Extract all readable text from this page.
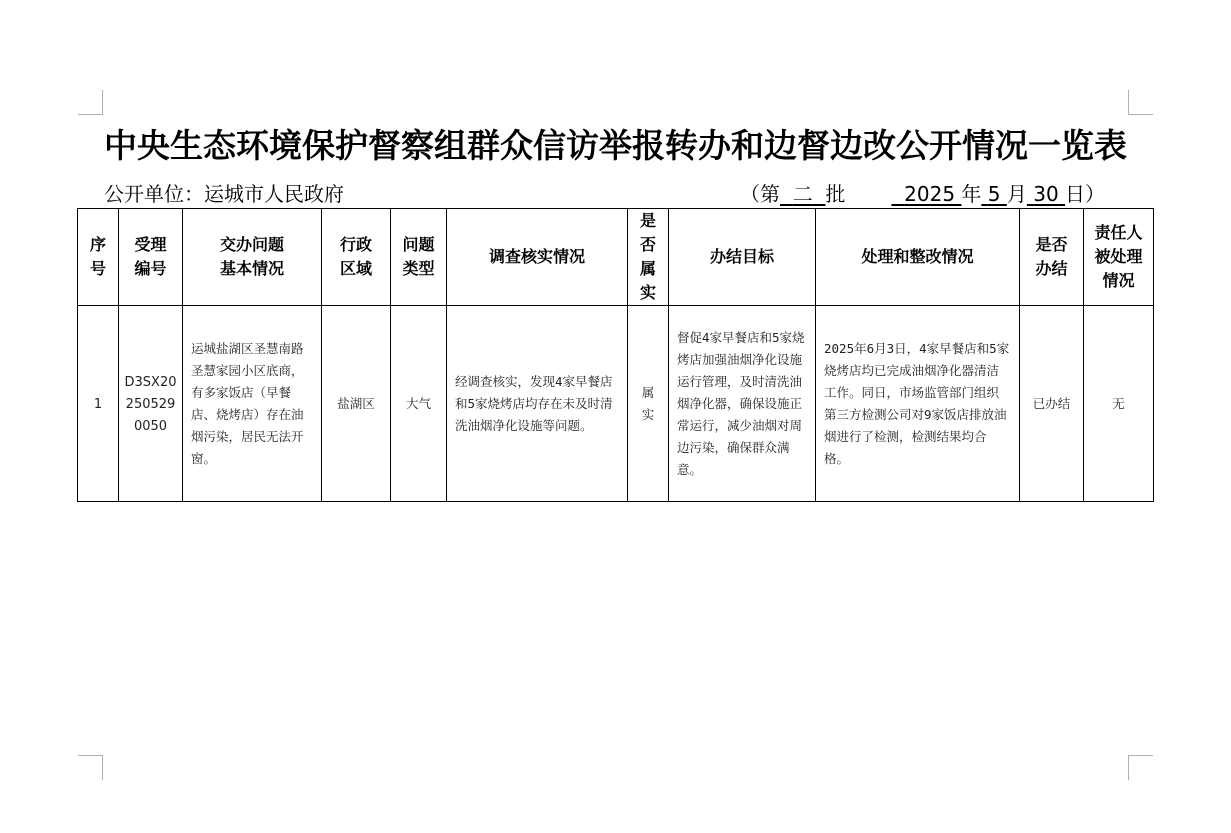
中央生态环境保护督察组群众信访举报转办和边督边改公开情况一览表
公开单位：运城市人民政府	（第 二 批	2025 年 5 月 30 日）
序号	受理编号	交办问题基本情况	行政区域	问题类型	调查核实情况	是否属实	办结目标	处理和整改情况	是否办结	责任人被处理情况
1	D3SX20250529 0050	运城盐湖区圣慧南路圣慧家园小区底商，有多家饭店（早餐店、烧烤店）存在油烟污染，居民无法开窗。	盐湖区	大气	经调查核实，发现4家早餐店和5家烧烤店均存在未及时清洗油烟净化设施等问题。	属实	督促4家早餐店和5家烧烤店加强油烟净化设施运行管理，及时清洗油烟净化器，确保设施正常运行，减少油烟对周边污染，确保群众满意。	2025年6月3日，4家早餐店和5家烧烤店均已完成油烟净化器清洁工作。同日，市场监管部门组织第三方检测公司对9家饭店排放油烟进行了检测，检测结果均合格。	已办结	无
